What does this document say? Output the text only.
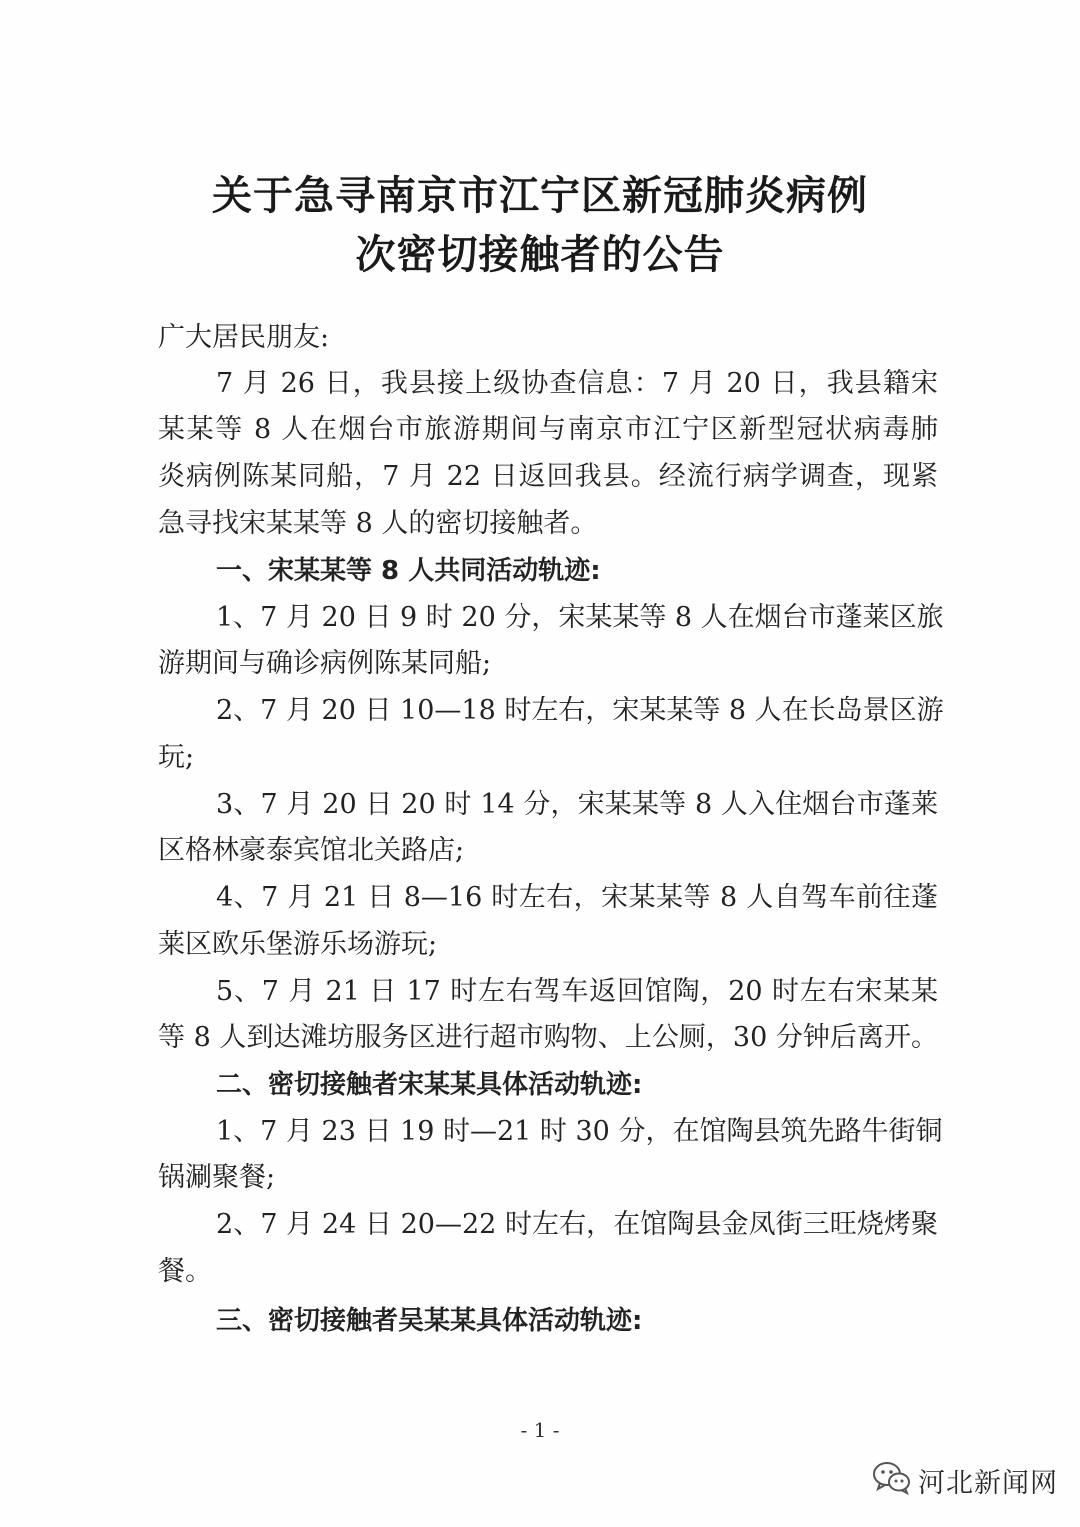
关于急寻南京市江宁区新冠肺炎病例
次密切接触者的公告
广大居民朋友:
7 月 26 日，我县接上级协查信息：7 月 20 日，我县籍宋
某某等 8 人在烟台市旅游期间与南京市江宁区新型冠状病毒肺
炎病例陈某同船，7 月 22 日返回我县。经流行病学调查，现紧
急寻找宋某某等 8 人的密切接触者。
一、宋某某等 8 人共同活动轨迹:
1、7 月 20 日 9 时 20 分，宋某某等 8 人在烟台市蓬莱区旅
游期间与确诊病例陈某同船;
2、7 月 20 日 10—18 时左右，宋某某等 8 人在长岛景区游
玩;
3、7 月 20 日 20 时 14 分，宋某某等 8 人入住烟台市蓬莱
区格林豪泰宾馆北关路店;
4、7 月 21 日 8—16 时左右，宋某某等 8 人自驾车前往蓬
莱区欧乐堡游乐场游玩;
5、7 月 21 日 17 时左右驾车返回馆陶，20 时左右宋某某
等 8 人到达滩坊服务区进行超市购物、上公厕，30 分钟后离开。
二、密切接触者宋某某具体活动轨迹:
1、7 月 23 日 19 时—21 时 30 分，在馆陶县筑先路牛街铜
锅涮聚餐;
2、7 月 24 日 20—22 时左右，在馆陶县金凤街三旺烧烤聚
餐。
三、密切接触者吴某某具体活动轨迹:
- 1 -
河北新闻网
